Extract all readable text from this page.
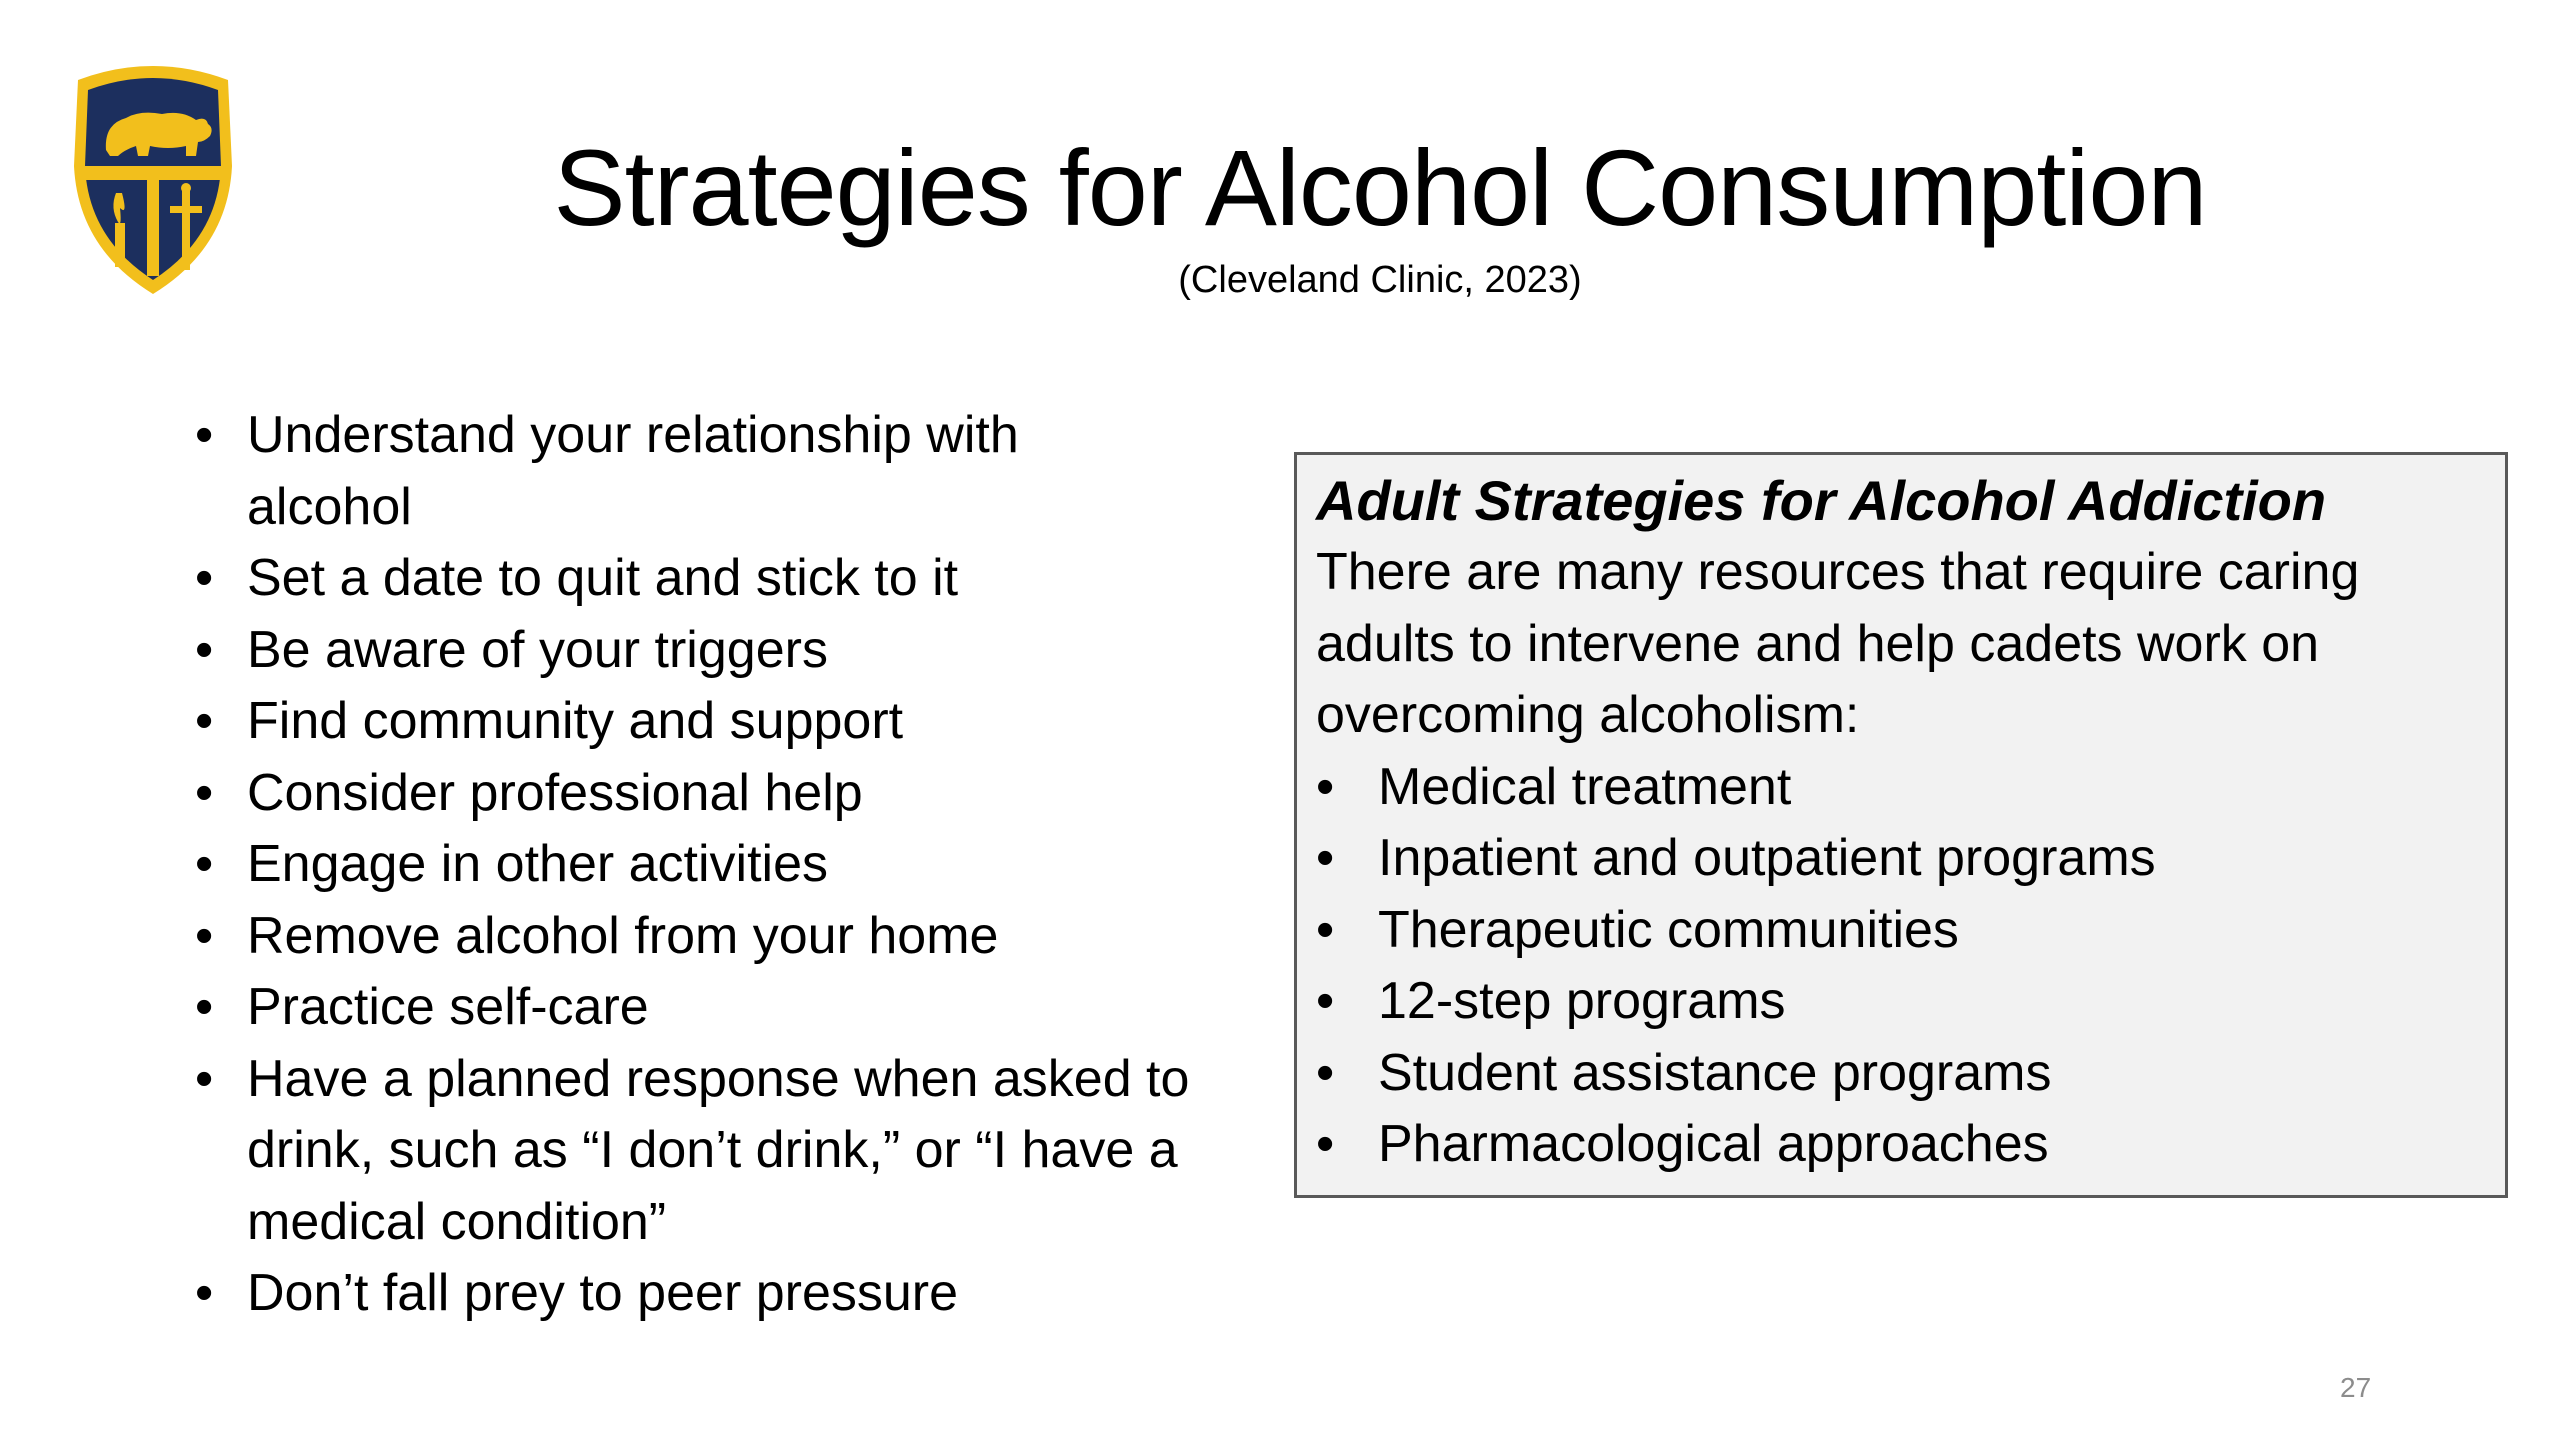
Strategies for Alcohol Consumption
(Cleveland Clinic, 2023)
• Understand your relationship with alcohol
• Set a date to quit and stick to it
• Be aware of your triggers
• Find community and support
• Consider professional help
• Engage in other activities
• Remove alcohol from your home
• Practice self-care
• Have a planned response when asked to drink, such as “I don’t drink,” or “I have a medical condition”
• Don’t fall prey to peer pressure
Adult Strategies for Alcohol Addiction
There are many resources that require caring adults to intervene and help cadets work on overcoming alcoholism:
• Medical treatment
• Inpatient and outpatient programs
• Therapeutic communities
• 12-step programs
• Student assistance programs
• Pharmacological approaches
27
